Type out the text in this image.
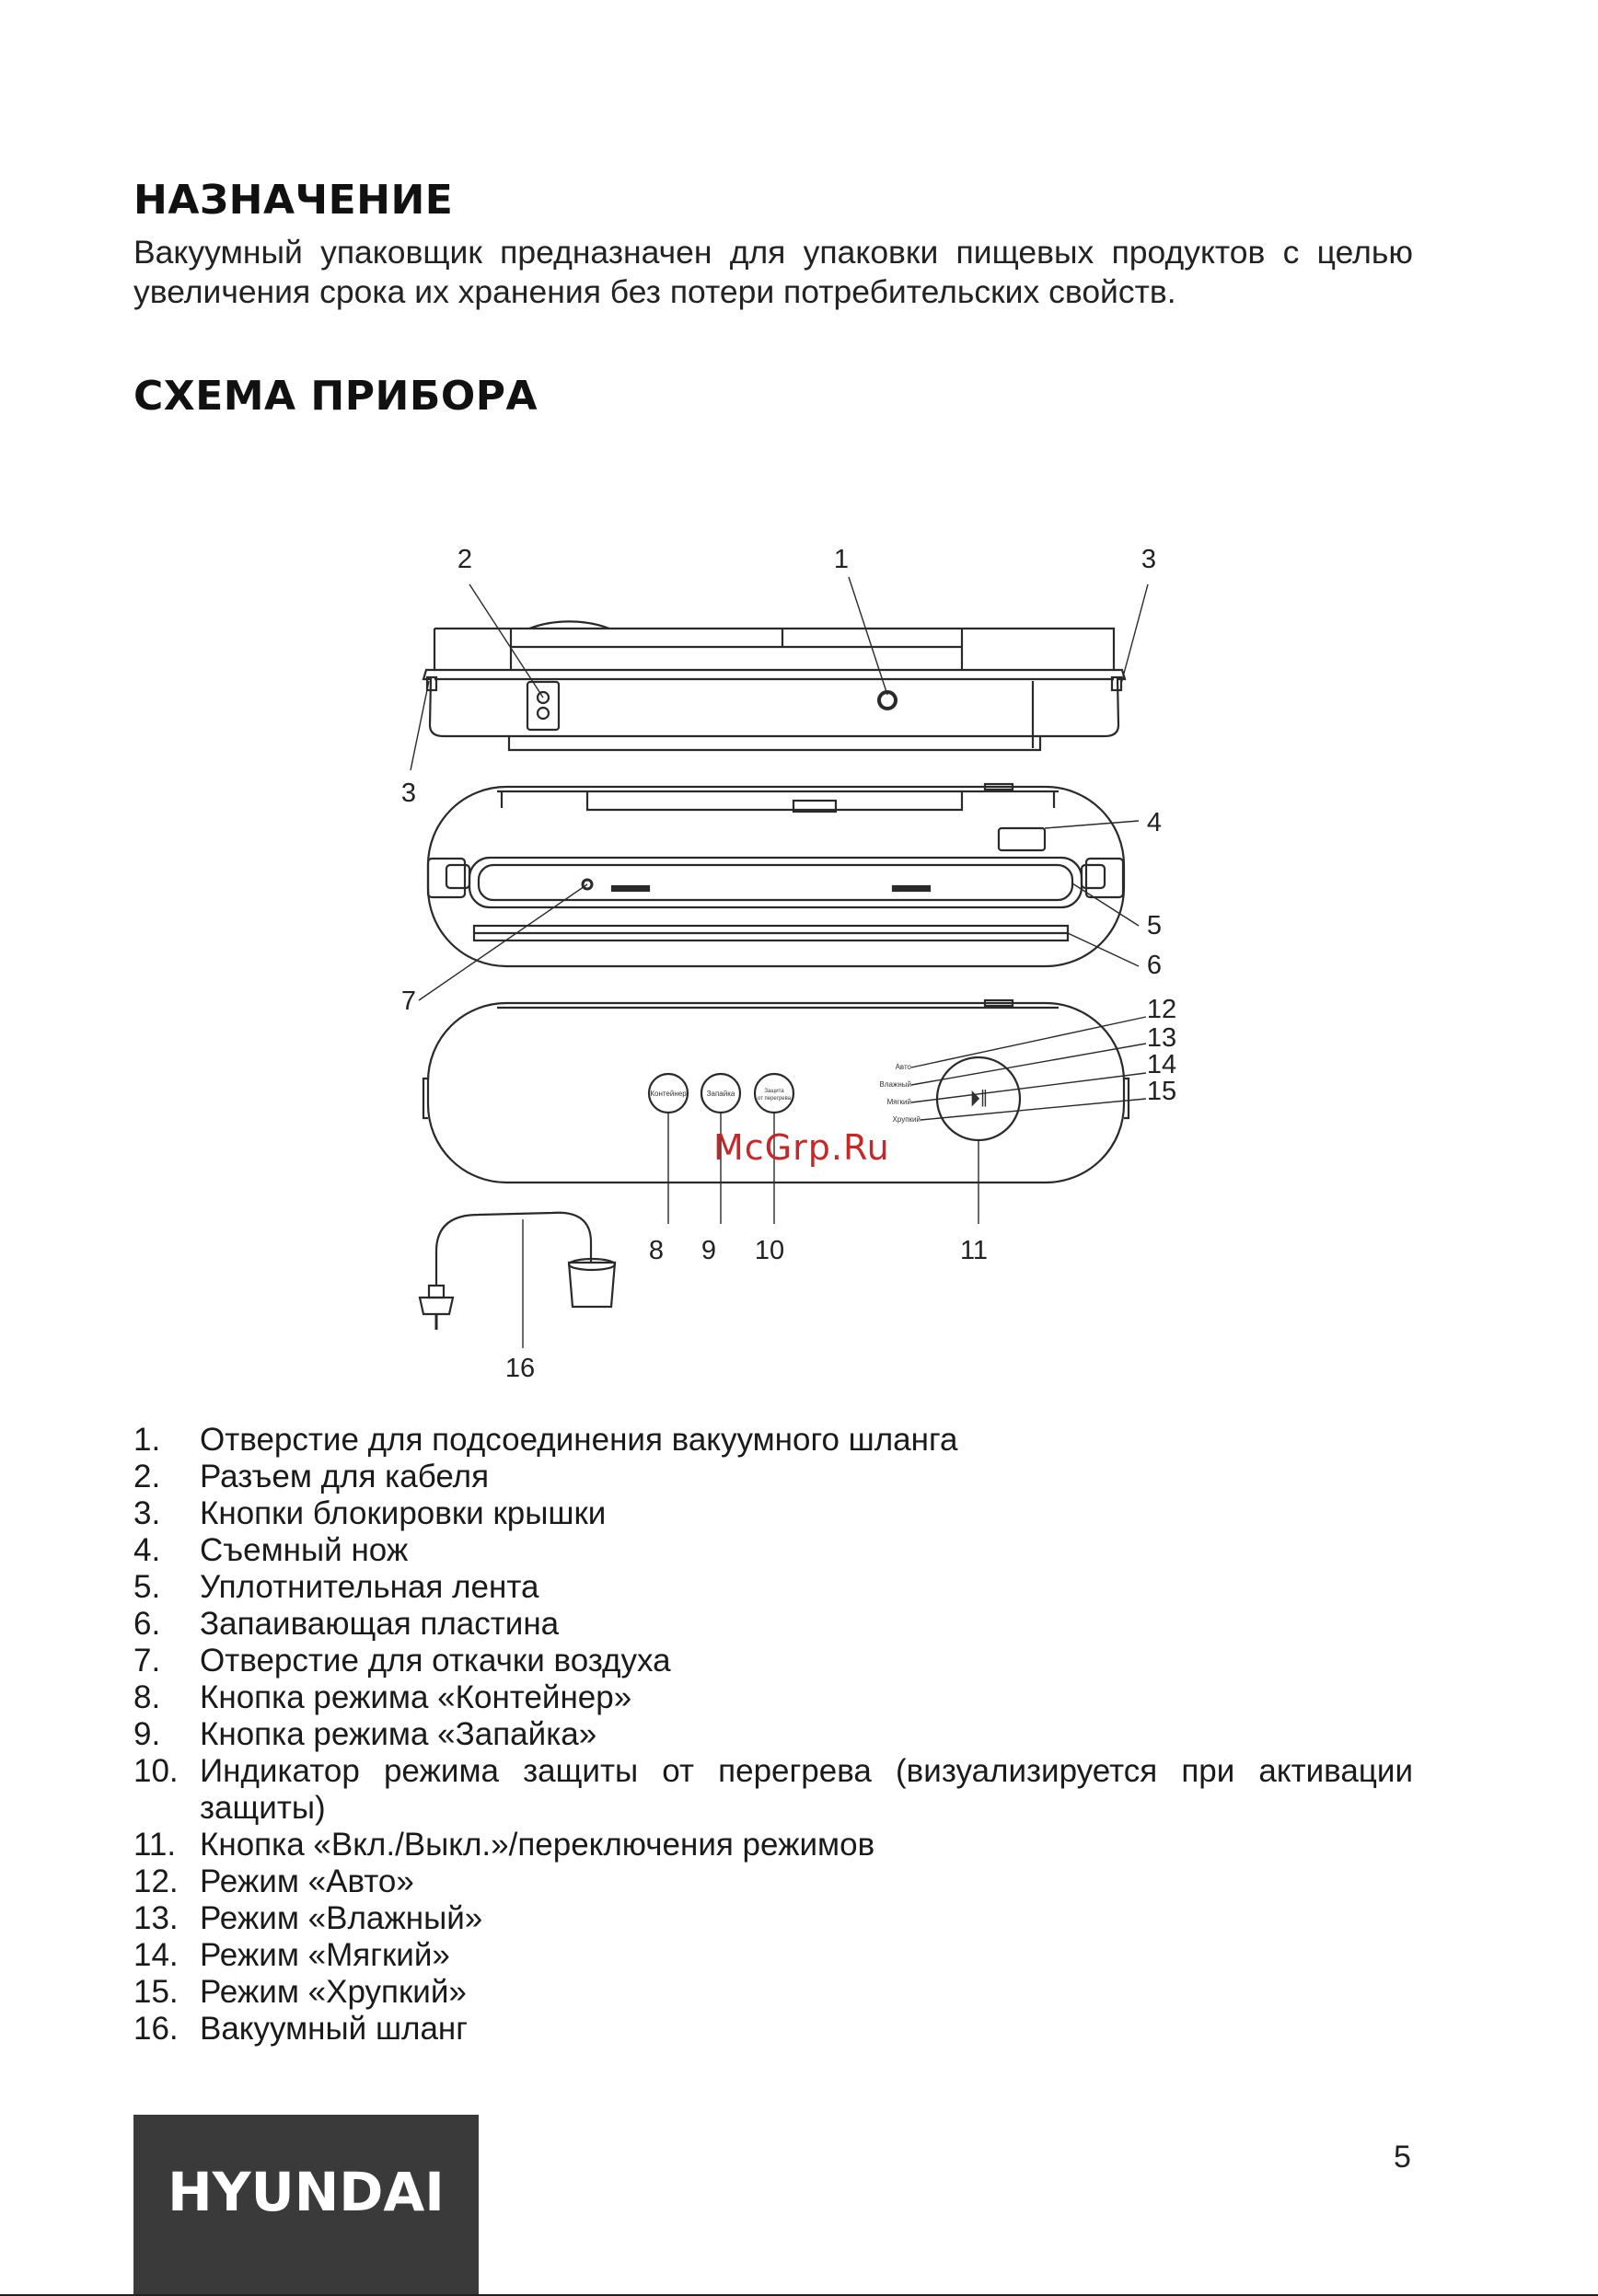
НАЗНАЧЕНИЕ
Вакуумный упаковщик предназначен для упаковки пищевых продуктов с целью
увеличения срока их хранения без потери потребительских свойств.
СХЕМА ПРИБОРА
Контейнер	Запайка	Защита
от перегрева
Авто
Влажный
Мягкий
Хрупкий
⏵︎∥
2	1	3
3
4
5
6
7
8 9 10	11
12
13
14
15
16
McGrp.Ru
1. Отверстие для подсоединения вакуумного шланга
2. Разъем для кабеля
3. Кнопки блокировки крышки
4. Съемный нож
5. Уплотнительная лента
6. Запаивающая пластина
7. Отверстие для откачки воздуха
8. Кнопка режима «Контейнер»
9. Кнопка режима «Запайка»
10. Индикатор режима защиты от перегрева (визуализируется при активации защиты)
11. Кнопка «Вкл./Выкл.»/переключения режимов
12. Режим «Авто»
13. Режим «Влажный»
14. Режим «Мягкий»
15. Режим «Хрупкий»
16. Вакуумный шланг
HYUNDAI
5
